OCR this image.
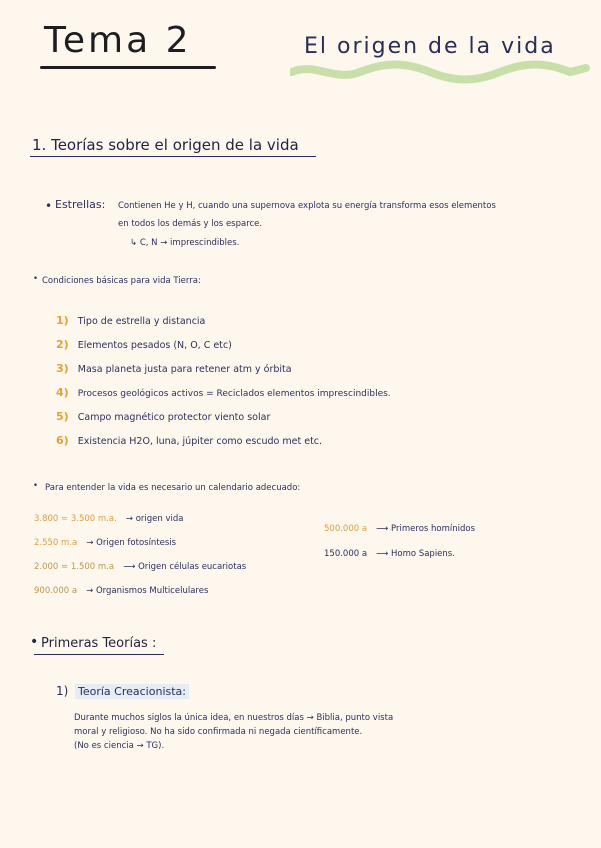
Tema 2	El origen de la vida
1. Teorías sobre el origen de la vida
• Estrellas: Contienen He y H, cuando una supernova explota su energía transforma esos elementos
en todos los demás y los esparce.
↳ C, N → imprescindibles.
• Condiciones básicas para vida Tierra:
1) Tipo de estrella y distancia
2) Elementos pesados (N, O, C etc)
3) Masa planeta justa para retener atm y órbita
4) Procesos geológicos activos = Reciclados elementos imprescindibles.
5) Campo magnético protector viento solar
6) Existencia H2O, luna, júpiter como escudo met etc.
• Para entender la vida es necesario un calendario adecuado:
3.800 ≃ 3.500 m.a. → origen vida
2.550 m.a → Origen fotosíntesis
2.000 ≃ 1.500 m.a ⟶ Origen células eucariotas
900.000 a → Organismos Multicelulares
500.000 a ⟶ Primeros homínidos
150.000 a ⟶ Homo Sapiens.
• Primeras Teorías :
1) Teoría Creacionista:
Durante muchos siglos la única idea, en nuestros días → Biblia, punto vista
moral y religioso. No ha sido confirmada ni negada científicamente.
(No es ciencia → TG).
